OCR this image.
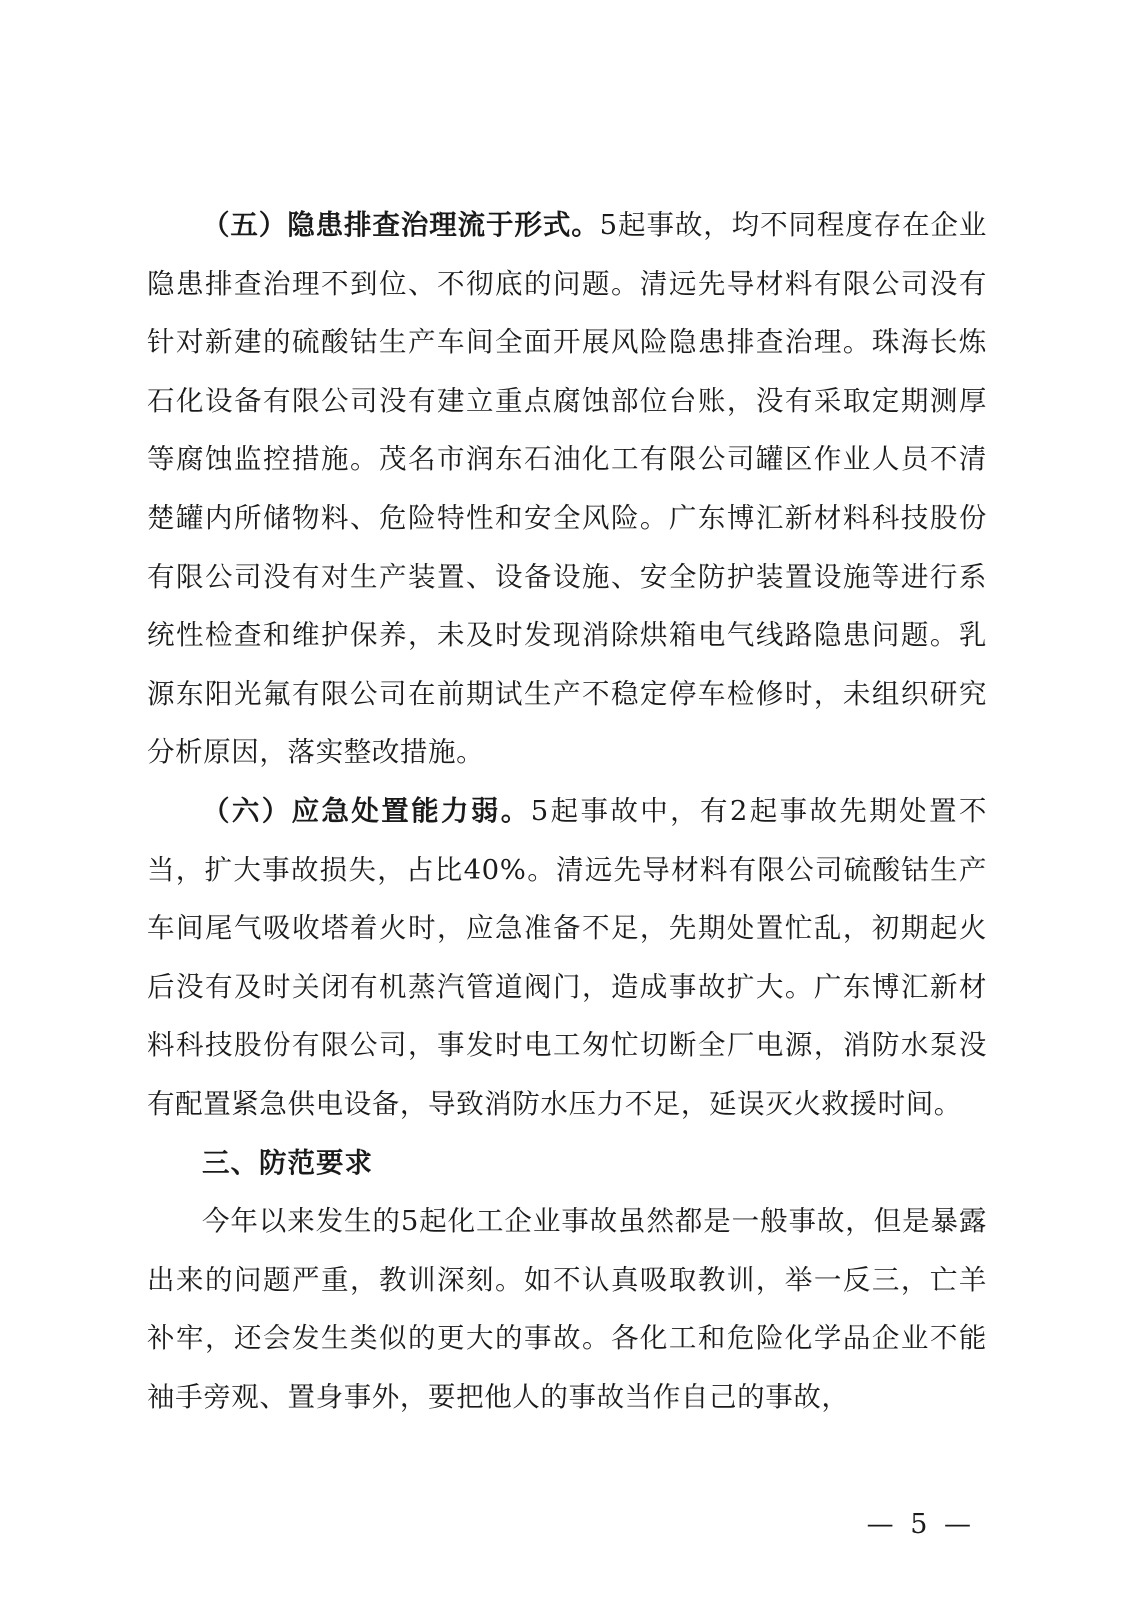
（五）隐患排查治理流于形式。5起事故，均不同程度存在企业隐患排查治理不到位、不彻底的问题。清远先导材料有限公司没有针对新建的硫酸钴生产车间全面开展风险隐患排查治理。珠海长炼石化设备有限公司没有建立重点腐蚀部位台账，没有采取定期测厚等腐蚀监控措施。茂名市润东石油化工有限公司罐区作业人员不清楚罐内所储物料、危险特性和安全风险。广东博汇新材料科技股份有限公司没有对生产装置、设备设施、安全防护装置设施等进行系统性检查和维护保养，未及时发现消除烘箱电气线路隐患问题。乳源东阳光氟有限公司在前期试生产不稳定停车检修时，未组织研究分析原因，落实整改措施。

（六）应急处置能力弱。5起事故中，有2起事故先期处置不当，扩大事故损失，占比40%。清远先导材料有限公司硫酸钴生产车间尾气吸收塔着火时，应急准备不足，先期处置忙乱，初期起火后没有及时关闭有机蒸汽管道阀门，造成事故扩大。广东博汇新材料科技股份有限公司，事发时电工匆忙切断全厂电源，消防水泵没有配置紧急供电设备，导致消防水压力不足，延误灭火救援时间。

三、防范要求

今年以来发生的5起化工企业事故虽然都是一般事故，但是暴露出来的问题严重，教训深刻。如不认真吸取教训，举一反三，亡羊补牢，还会发生类似的更大的事故。各化工和危险化学品企业不能袖手旁观、置身事外，要把他人的事故当作自己的事故，

— 5 —
